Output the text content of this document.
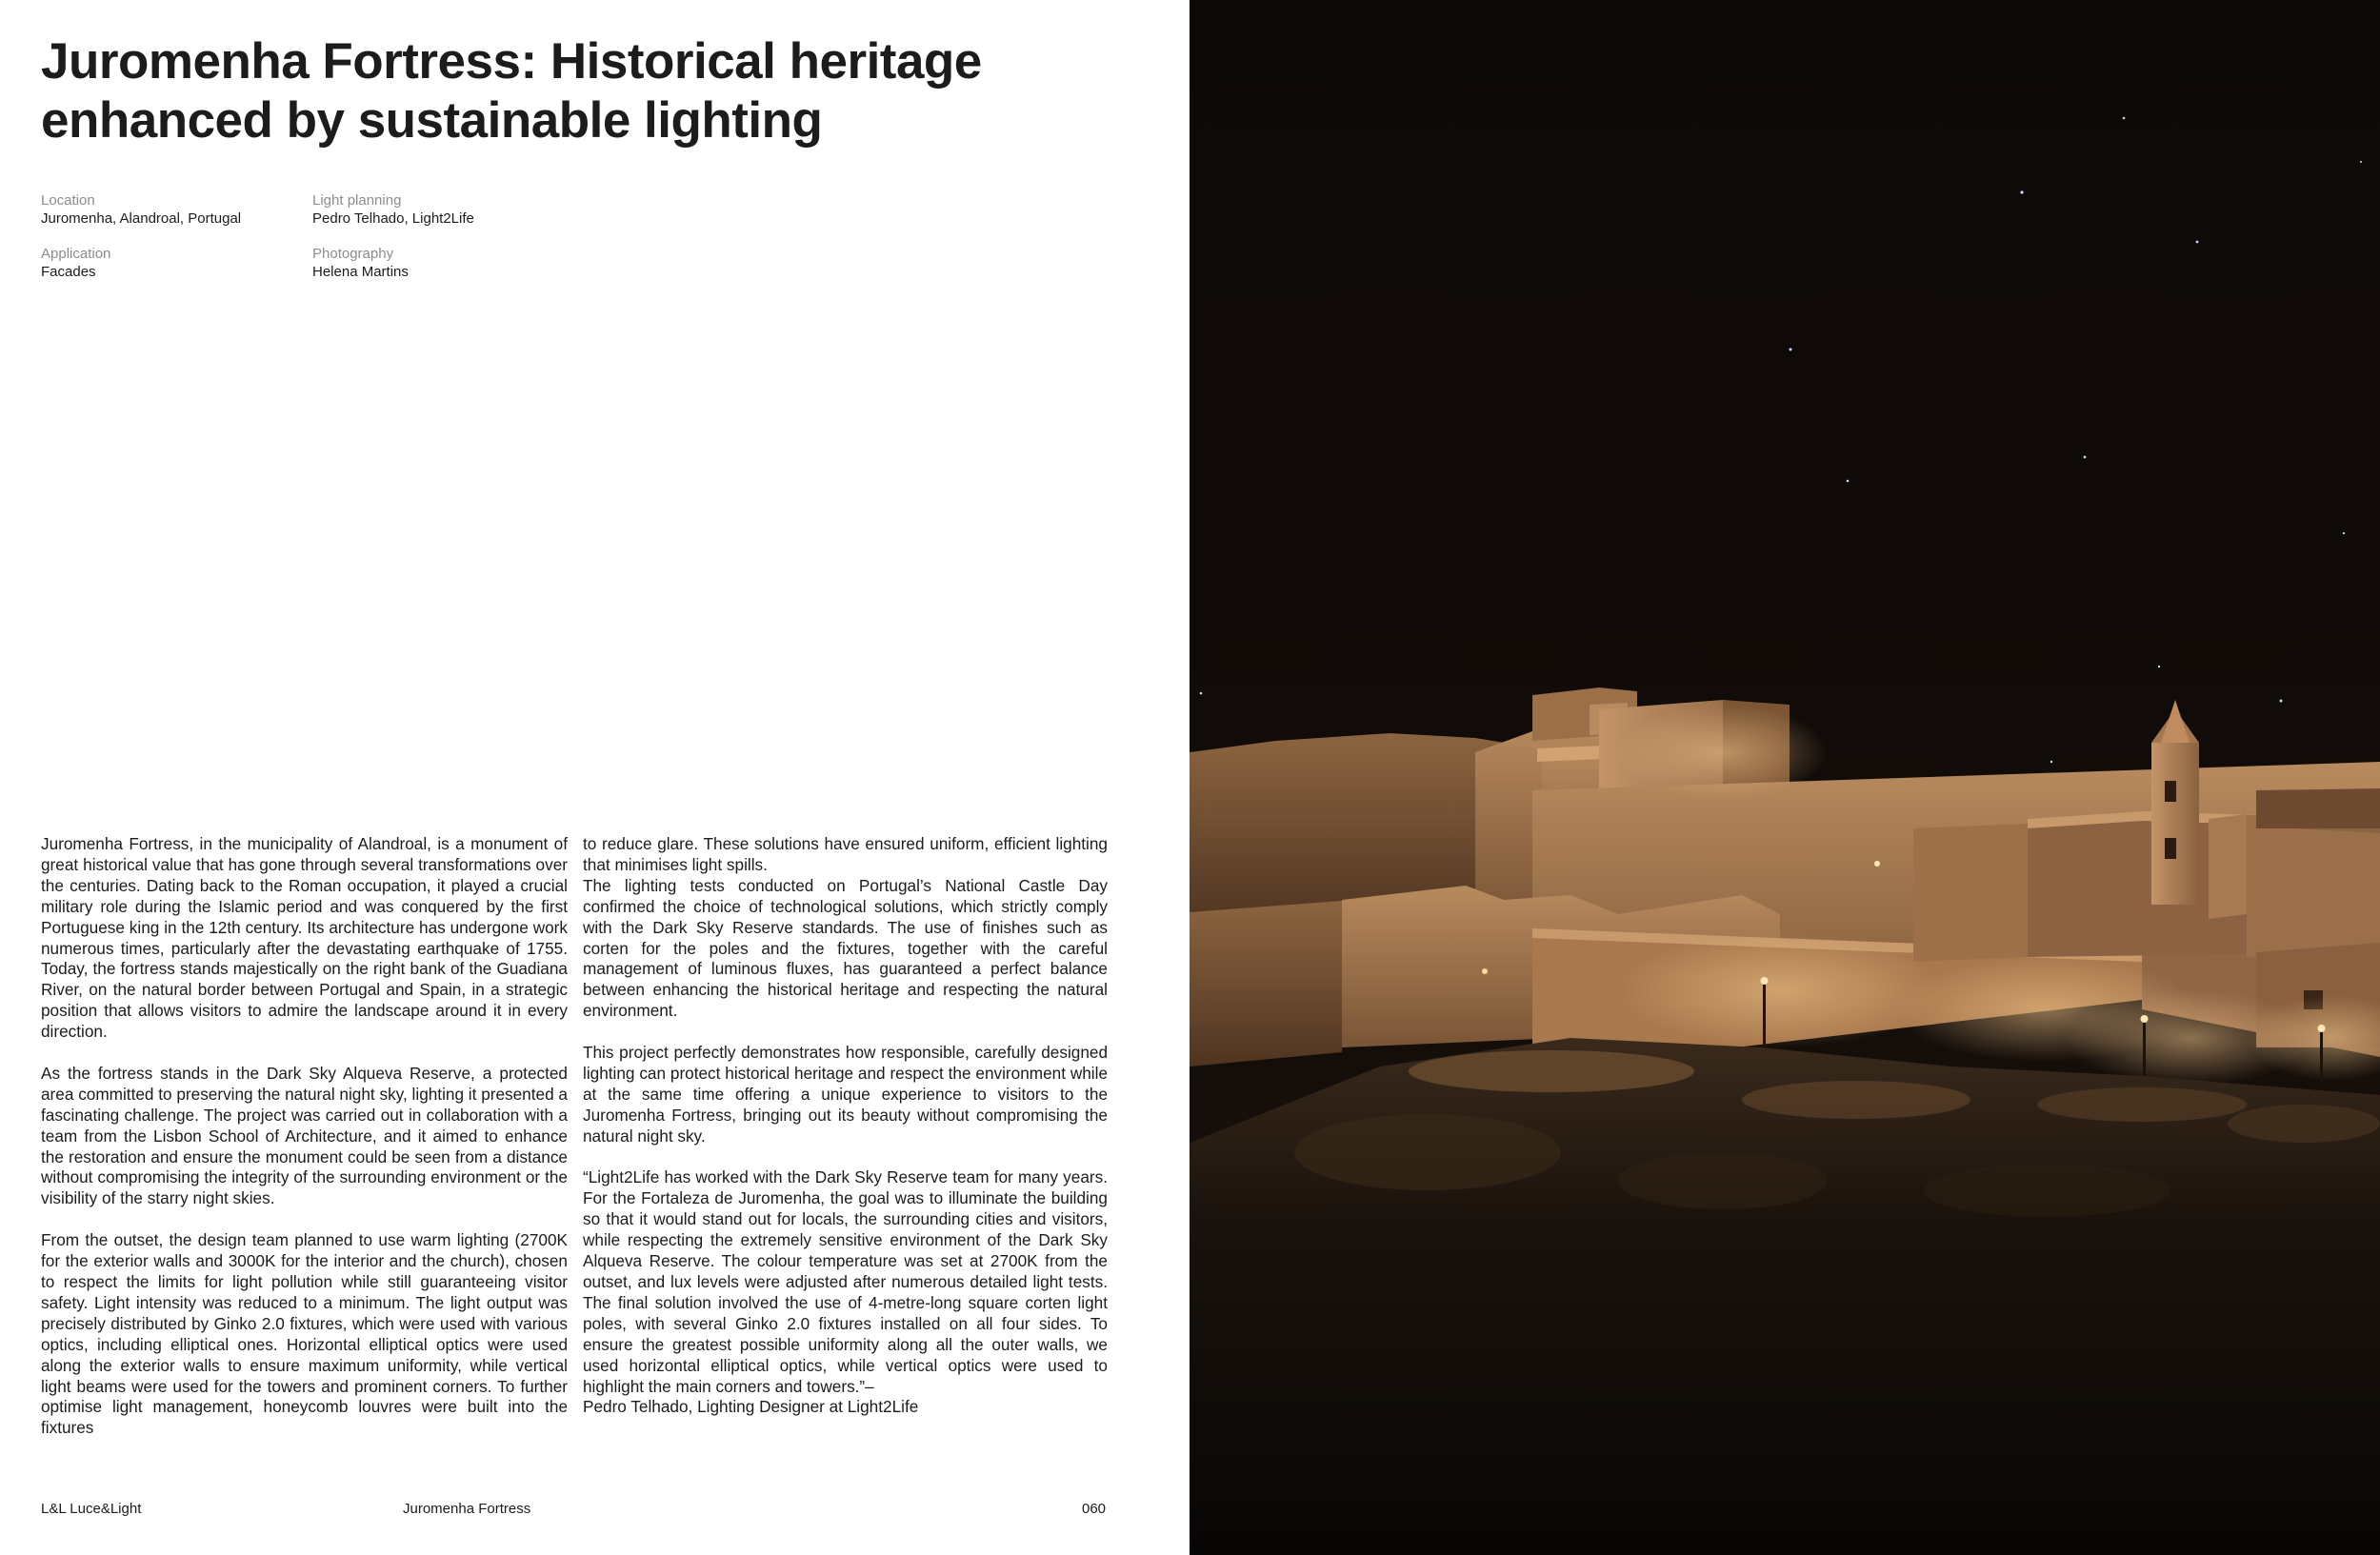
Juromenha Fortress: Historical heritage
enhanced by sustainable lighting
Location
Juromenha, Alandroal, Portugal
Light planning
Pedro Telhado, Light2Life
Application
Facades
Photography
Helena Martins

Juromenha Fortress, in the municipality of Alandroal, is a monument of great historical value that has gone through several transformations over the centuries. Dating back to the Roman occupation, it played a crucial military role during the Islamic period and was conquered by the first Portuguese king in the 12th century. Its architecture has undergone work numerous times, particularly after the devastating earthquake of 1755. Today, the fortress stands majestically on the right bank of the Guadiana River, on the natural border between Portugal and Spain, in a strategic position that allows visitors to admire the landscape around it in every direction.

As the fortress stands in the Dark Sky Alqueva Reserve, a protected area committed to preserving the natural night sky, lighting it presented a fascinating challenge. The project was carried out in collaboration with a team from the Lisbon School of Architecture, and it aimed to enhance the restoration and ensure the monument could be seen from a distance without compromising the integrity of the surrounding environment or the visibility of the starry night skies.

From the outset, the design team planned to use warm lighting (2700K for the exterior walls and 3000K for the interior and the church), chosen to respect the limits for light pollution while still guaranteeing visitor safety. Light intensity was reduced to a minimum. The light output was precisely distributed by Ginko 2.0 fixtures, which were used with various optics, including elliptical ones. Horizontal elliptical optics were used along the exterior walls to ensure maximum uniformity, while vertical light beams were used for the towers and prominent corners. To further optimise light management, honeycomb louvres were built into the fixtures

to reduce glare. These solutions have ensured uniform, efficient lighting that minimises light spills.

The lighting tests conducted on Portugal’s National Castle Day confirmed the choice of technological solutions, which strictly comply with the Dark Sky Reserve standards. The use of finishes such as corten for the poles and the fixtures, together with the careful management of luminous fluxes, has guaranteed a perfect balance between enhancing the historical heritage and respecting the natural environment.

This project perfectly demonstrates how responsible, carefully designed lighting can protect historical heritage and respect the environment while at the same time offering a unique experience to visitors to the Juromenha Fortress, bringing out its beauty without compromising the natural night sky.

“Light2Life has worked with the Dark Sky Reserve team for many years. For the Fortaleza de Juromenha, the goal was to illuminate the building so that it would stand out for locals, the surrounding cities and visitors, while respecting the extremely sensitive environment of the Dark Sky Alqueva Reserve. The colour temperature was set at 2700K from the outset, and lux levels were adjusted after numerous detailed light tests. The final solution involved the use of 4-metre-long square corten light poles, with several Ginko 2.0 fixtures installed on all four sides. To ensure the greatest possible uniformity along all the outer walls, we used horizontal elliptical optics, while vertical optics were used to highlight the main corners and towers.”–

Pedro Telhado, Lighting Designer at Light2Life

L&L Luce&Light	Juromenha Fortress	060
